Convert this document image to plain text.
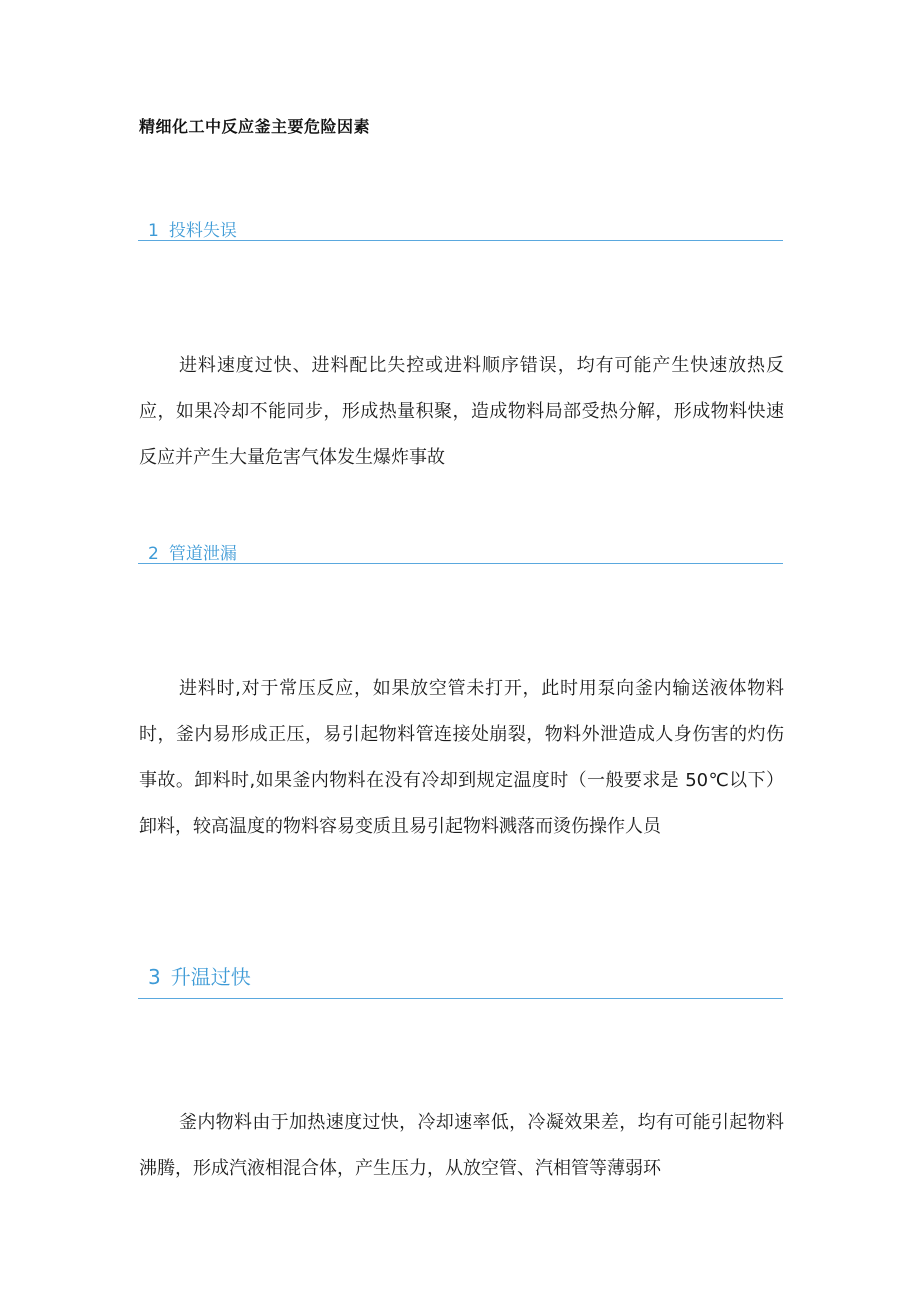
精细化工中反应釜主要危险因素
1 投料失误

进料速度过快、进料配比失控或进料顺序错误，均有可能产生快速放热反应，如果冷却不能同步，形成热量积聚，造成物料局部受热分解，形成物料快速反应并产生大量危害气体发生爆炸事故

2 管道泄漏

进料时,对于常压反应，如果放空管未打开，此时用泵向釜内输送液体物料时，釜内易形成正压，易引起物料管连接处崩裂，物料外泄造成人身伤害的灼伤事故。卸料时,如果釜内物料在没有冷却到规定温度时（一般要求是 50℃以下）卸料，较高温度的物料容易变质且易引起物料溅落而烫伤操作人员

3 升温过快

釜内物料由于加热速度过快，冷却速率低，冷凝效果差，均有可能引起物料沸腾，形成汽液相混合体，产生压力，从放空管、汽相管等薄弱环
